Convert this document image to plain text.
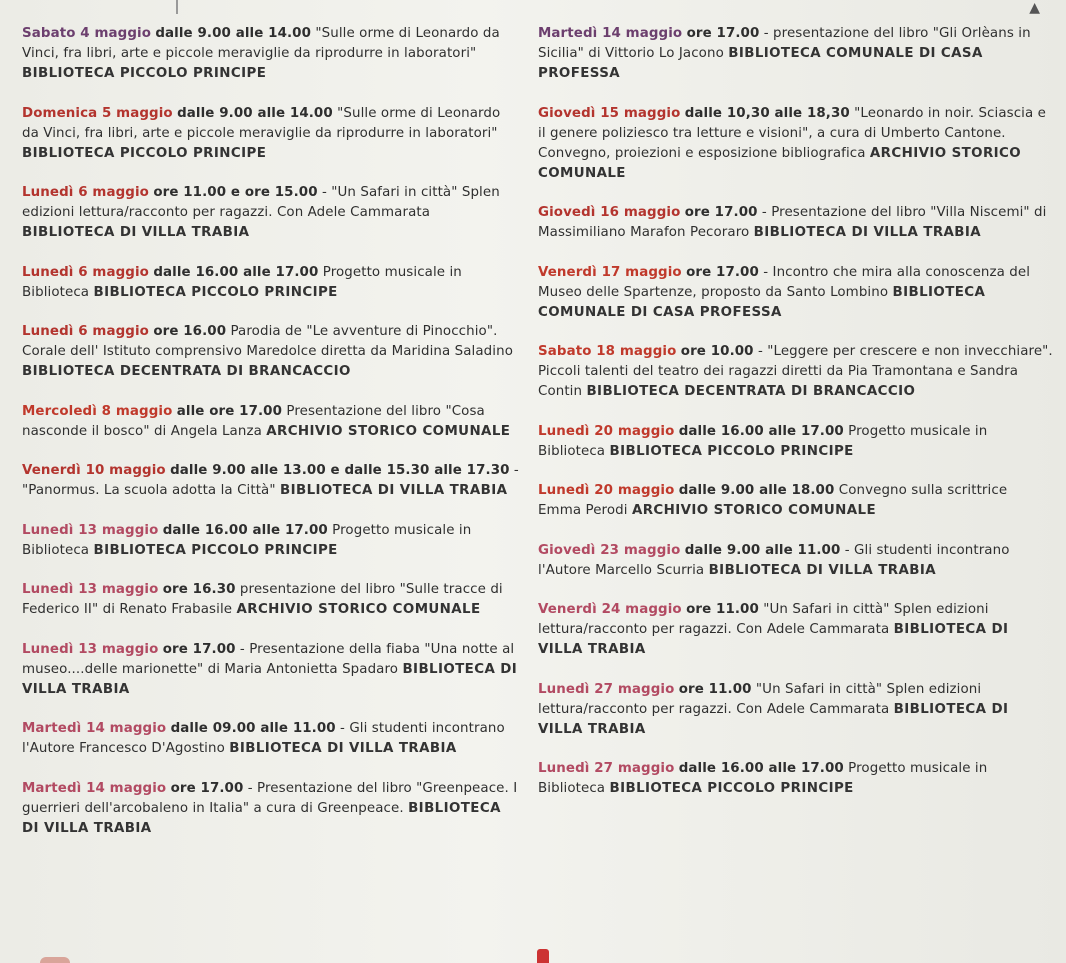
▲
Sabato 4 maggio dalle 9.00 alle 14.00 "Sulle orme di Leonardo da Vinci, fra libri, arte e piccole meraviglie da riprodurre in laboratori" BIBLIOTECA PICCOLO PRINCIPE
Domenica 5 maggio dalle 9.00 alle 14.00 "Sulle orme di Leonardo da Vinci, fra libri, arte e piccole meraviglie da riprodurre in laboratori" BIBLIOTECA PICCOLO PRINCIPE
Lunedì 6 maggio ore 11.00 e ore 15.00 - "Un Safari in città" Splen edizioni lettura/racconto per ragazzi. Con Adele Cammarata BIBLIOTECA DI VILLA TRABIA
Lunedì 6 maggio dalle 16.00 alle 17.00 Progetto musicale in Biblioteca BIBLIOTECA PICCOLO PRINCIPE
Lunedì 6 maggio ore 16.00 Parodia de "Le avventure di Pinocchio". Corale dell' Istituto comprensivo Maredolce diretta da Maridina Saladino BIBLIOTECA DECENTRATA DI BRANCACCIO
Mercoledì 8 maggio alle ore 17.00 Presentazione del libro "Cosa nasconde il bosco" di Angela Lanza ARCHIVIO STORICO COMUNALE
Venerdì 10 maggio dalle 9.00 alle 13.00 e dalle 15.30 alle 17.30 - "Panormus. La scuola adotta la Città" BIBLIOTECA DI VILLA TRABIA
Lunedì 13 maggio dalle 16.00 alle 17.00 Progetto musicale in Biblioteca BIBLIOTECA PICCOLO PRINCIPE
Lunedì 13 maggio ore 16.30 presentazione del libro "Sulle tracce di Federico II" di Renato Frabasile ARCHIVIO STORICO COMUNALE
Lunedì 13 maggio ore 17.00 - Presentazione della fiaba "Una notte al museo....delle marionette" di Maria Antonietta Spadaro BIBLIOTECA DI VILLA TRABIA
Martedì 14 maggio dalle 09.00 alle 11.00 - Gli studenti incontrano l'Autore Francesco D'Agostino BIBLIOTECA DI VILLA TRABIA
Martedì 14 maggio ore 17.00 - Presentazione del libro "Greenpeace. I guerrieri dell'arcobaleno in Italia" a cura di Greenpeace. BIBLIOTECA DI VILLA TRABIA
Martedì 14 maggio ore 17.00 - presentazione del libro "Gli Orlèans in Sicilia" di Vittorio Lo Jacono BIBLIOTECA COMUNALE DI CASA PROFESSA
Giovedì 15 maggio dalle 10,30 alle 18,30 "Leonardo in noir. Sciascia e il genere poliziesco tra letture e visioni", a cura di Umberto Cantone. Convegno, proiezioni e esposizione bibliografica ARCHIVIO STORICO COMUNALE
Giovedì 16 maggio ore 17.00 - Presentazione del libro "Villa Niscemi" di Massimiliano Marafon Pecoraro BIBLIOTECA DI VILLA TRABIA
Venerdì 17 maggio ore 17.00 - Incontro che mira alla conoscenza del Museo delle Spartenze, proposto da Santo Lombino BIBLIOTECA COMUNALE DI CASA PROFESSA
Sabato 18 maggio ore 10.00 - "Leggere per crescere e non invecchiare". Piccoli talenti del teatro dei ragazzi diretti da Pia Tramontana e Sandra Contin BIBLIOTECA DECENTRATA DI BRANCACCIO
Lunedì 20 maggio dalle 16.00 alle 17.00 Progetto musicale in Biblioteca BIBLIOTECA PICCOLO PRINCIPE
Lunedì 20 maggio dalle 9.00 alle 18.00 Convegno sulla scrittrice Emma Perodi ARCHIVIO STORICO COMUNALE
Giovedì 23 maggio dalle 9.00 alle 11.00 - Gli studenti incontrano l'Autore Marcello Scurria BIBLIOTECA DI VILLA TRABIA
Venerdì 24 maggio ore 11.00 "Un Safari in città" Splen edizioni lettura/racconto per ragazzi. Con Adele Cammarata BIBLIOTECA DI VILLA TRABIA
Lunedì 27 maggio ore 11.00 "Un Safari in città" Splen edizioni lettura/racconto per ragazzi. Con Adele Cammarata BIBLIOTECA DI VILLA TRABIA
Lunedì 27 maggio dalle 16.00 alle 17.00 Progetto musicale in Biblioteca BIBLIOTECA PICCOLO PRINCIPE
